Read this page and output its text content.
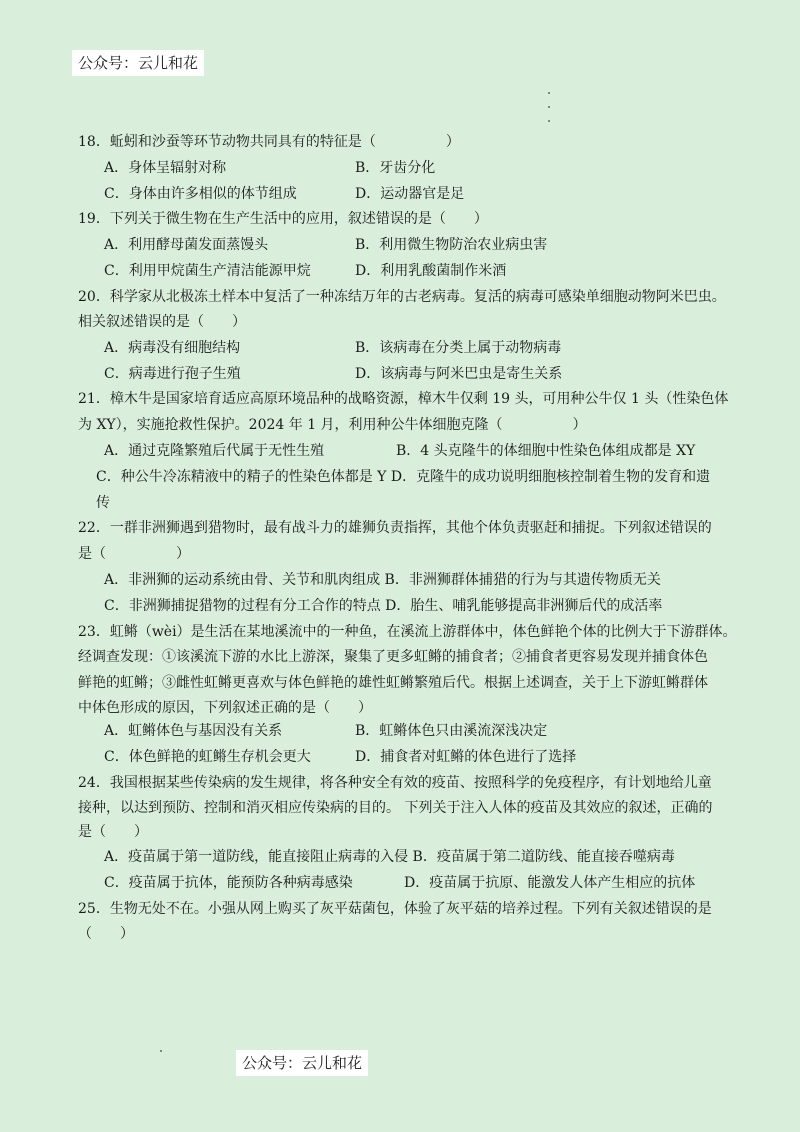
公众号：云儿和花
18．蚯蚓和沙蚕等环节动物共同具有的特征是（　　　　　）
A．身体呈辐射对称	B．牙齿分化
C．身体由许多相似的体节组成	D．运动器官是足
19．下列关于微生物在生产生活中的应用，叙述错误的是（　　）
A．利用酵母菌发面蒸馒头	B．利用微生物防治农业病虫害
C．利用甲烷菌生产清洁能源甲烷	D．利用乳酸菌制作米酒
20．科学家从北极冻土样本中复活了一种冻结万年的古老病毒。复活的病毒可感染单细胞动物阿米巴虫。
相关叙述错误的是（　　）
A．病毒没有细胞结构	B．该病毒在分类上属于动物病毒
C．病毒进行孢子生殖	D．该病毒与阿米巴虫是寄生关系
21．樟木牛是国家培育适应高原环境品种的战略资源，樟木牛仅剩 19 头，可用种公牛仅 1 头（性染色体
为 XY），实施抢救性保护。2024 年 1 月，利用种公牛体细胞克隆（　　　　　）
A．通过克隆繁殖后代属于无性生殖	B．4 头克隆牛的体细胞中性染色体组成都是 XY
C．种公牛冷冻精液中的精子的性染色体都是 Y D．克隆牛的成功说明细胞核控制着生物的发育和遗
传
22．一群非洲狮遇到猎物时，最有战斗力的雄狮负责指挥，其他个体负责驱赶和捕捉。下列叙述错误的
是（　　　　　）
A．非洲狮的运动系统由骨、关节和肌肉组成 B．非洲狮群体捕猎的行为与其遗传物质无关
C．非洲狮捕捉猎物的过程有分工合作的特点 D．胎生、哺乳能够提高非洲狮后代的成活率
23．虹鳉（wèi）是生活在某地溪流中的一种鱼，在溪流上游群体中，体色鲜艳个体的比例大于下游群体。
经调查发现：①该溪流下游的水比上游深，聚集了更多虹鳉的捕食者；②捕食者更容易发现并捕食体色
鲜艳的虹鳉；③雌性虹鳉更喜欢与体色鲜艳的雄性虹鳉繁殖后代。根据上述调查，关于上下游虹鳉群体
中体色形成的原因，下列叙述正确的是（　　）
A．虹鳉体色与基因没有关系	B．虹鳉体色只由溪流深浅决定
C．体色鲜艳的虹鳉生存机会更大	D．捕食者对虹鳉的体色进行了选择
24．我国根据某些传染病的发生规律，将各种安全有效的疫苗、按照科学的免疫程序，有计划地给儿童
接种，以达到预防、控制和消灭相应传染病的目的。 下列关于注入人体的疫苗及其效应的叙述，正确的
是（　　）
A．疫苗属于第一道防线，能直接阻止病毒的入侵 B．疫苗属于第二道防线、能直接吞噬病毒
C．疫苗属于抗体，能预防各种病毒感染	D．疫苗属于抗原、能激发人体产生相应的抗体
25．生物无处不在。小强从网上购买了灰平菇菌包，体验了灰平菇的培养过程。下列有关叙述错误的是
（　　）
公众号：云儿和花
